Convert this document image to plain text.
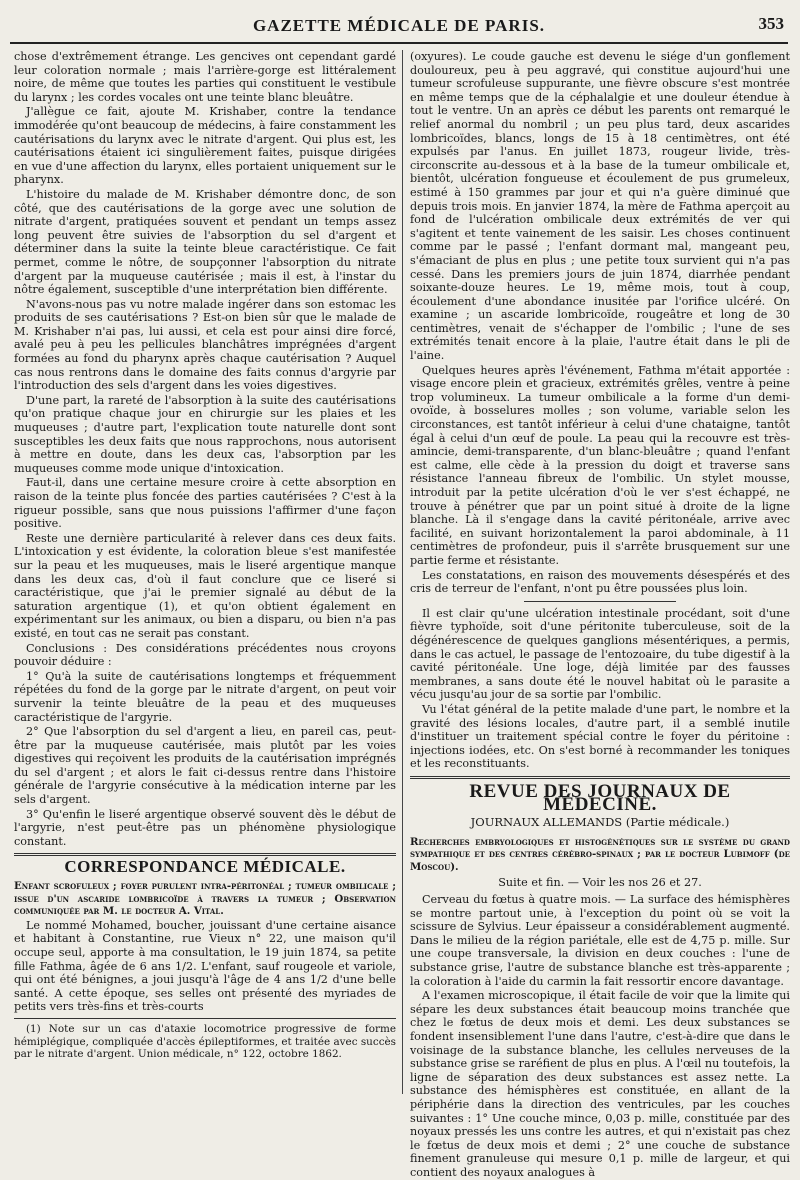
GAZETTE MÉDICALE DE PARIS.	353

chose d'extrêmement étrange. Les gencives ont cependant gardé leur coloration normale ; mais l'arrière-gorge est littéralement noire, de même que toutes les parties qui constituent le vestibule du larynx ; les cordes vocales ont une teinte blanc bleuâtre.

J'allègue ce fait, ajoute M. Krishaber, contre la tendance immodérée qu'ont beaucoup de médecins, à faire constamment les cautérisations du larynx avec le nitrate d'argent. Qui plus est, les cautérisations étaient ici singulièrement faites, puisque dirigées en vue d'une affection du larynx, elles portaient uniquement sur le pharynx.

L'histoire du malade de M. Krishaber démontre donc, de son côté, que des cautérisations de la gorge avec une solution de nitrate d'argent, pratiquées souvent et pendant un temps assez long peuvent être suivies de l'absorption du sel d'argent et déterminer dans la suite la teinte bleue caractéristique. Ce fait permet, comme le nôtre, de soupçonner l'absorption du nitrate d'argent par la muqueuse cautérisée ; mais il est, à l'instar du nôtre également, susceptible d'une interprétation bien différente.

N'avons-nous pas vu notre malade ingérer dans son estomac les produits de ses cautérisations ? Est-on bien sûr que le malade de M. Krishaber n'ai pas, lui aussi, et cela est pour ainsi dire forcé, avalé peu à peu les pellicules blanchâtres imprégnées d'argent formées au fond du pharynx après chaque cautérisation ? Auquel cas nous rentrons dans le domaine des faits connus d'argyrie par l'introduction des sels d'argent dans les voies digestives.

D'une part, la rareté de l'absorption à la suite des cautérisations qu'on pratique chaque jour en chirurgie sur les plaies et les muqueuses ; d'autre part, l'explication toute naturelle dont sont susceptibles les deux faits que nous rapprochons, nous autorisent à mettre en doute, dans les deux cas, l'absorption par les muqueuses comme mode unique d'intoxication.

Faut-il, dans une certaine mesure croire à cette absorption en raison de la teinte plus foncée des parties cautérisées ? C'est à la rigueur possible, sans que nous puissions l'affirmer d'une façon positive.

Reste une dernière particularité à relever dans ces deux faits. L'intoxication y est évidente, la coloration bleue s'est manifestée sur la peau et les muqueuses, mais le liseré argentique manque dans les deux cas, d'où il faut conclure que ce liseré si caractéristique, que j'ai le premier signalé au début de la saturation argentique (1), et qu'on obtient également en expérimentant sur les animaux, ou bien a disparu, ou bien n'a pas existé, en tout cas ne serait pas constant.

Conclusions : Des considérations précédentes nous croyons pouvoir déduire :

1° Qu'à la suite de cautérisations longtemps et fréquemment répétées du fond de la gorge par le nitrate d'argent, on peut voir survenir la teinte bleuâtre de la peau et des muqueuses caractéristique de l'argyrie.

2° Que l'absorption du sel d'argent a lieu, en pareil cas, peut-être par la muqueuse cautérisée, mais plutôt par les voies digestives qui reçoivent les produits de la cautérisation imprégnés du sel d'argent ; et alors le fait ci-dessus rentre dans l'histoire générale de l'argyrie consécutive à la médication interne par les sels d'argent.

3° Qu'enfin le liseré argentique observé souvent dès le début de l'argyrie, n'est peut-être pas un phénomène physiologique constant.

CORRESPONDANCE MÉDICALE.

Enfant scrofuleux ; foyer purulent intra-péritonéal ; tumeur ombilicale ; issue d'un ascaride lombricoïde à travers la tumeur ; Observation communiquée par M. le docteur A. Vital.

Le nommé Mohamed, boucher, jouissant d'une certaine aisance et habitant à Constantine, rue Vieux n° 22, une maison qu'il occupe seul, apporte à ma consultation, le 19 juin 1874, sa petite fille Fathma, âgée de 6 ans 1/2. L'enfant, sauf rougeole et variole, qui ont été bénignes, a joui jusqu'à l'âge de 4 ans 1/2 d'une belle santé. A cette époque, ses selles ont présenté des myriades de petits vers très-fins et très-courts

(1) Note sur un cas d'ataxie locomotrice progressive de forme hémiplégique, compliquée d'accès épileptiformes, et traitée avec succès par le nitrate d'argent. Union médicale, n° 122, octobre 1862.

(oxyures). Le coude gauche est devenu le siége d'un gonflement douloureux, peu à peu aggravé, qui constitue aujourd'hui une tumeur scrofuleuse suppurante, une fièvre obscure s'est montrée en même temps que de la céphalalgie et une douleur étendue à tout le ventre. Un an après ce début les parents ont remarqué le relief anormal du nombril ; un peu plus tard, deux ascarides lombricoïdes, blancs, longs de 15 à 18 centimètres, ont été expulsés par l'anus. En juillet 1873, rougeur livide, très-circonscrite au-dessous et à la base de la tumeur ombilicale et, bientôt, ulcération fongueuse et écoulement de pus grumeleux, estimé à 150 grammes par jour et qui n'a guère diminué que depuis trois mois. En janvier 1874, la mère de Fathma aperçoit au fond de l'ulcération ombilicale deux extrémités de ver qui s'agitent et tente vainement de les saisir. Les choses continuent comme par le passé ; l'enfant dormant mal, mangeant peu, s'émaciant de plus en plus ; une petite toux survient qui n'a pas cessé. Dans les premiers jours de juin 1874, diarrhée pendant soixante-douze heures. Le 19, même mois, tout à coup, écoulement d'une abondance inusitée par l'orifice ulcéré. On examine ; un ascaride lombricoïde, rougeâtre et long de 30 centimètres, venait de s'échapper de l'ombilic ; l'une de ses extrémités tenait encore à la plaie, l'autre était dans le pli de l'aine.

Quelques heures après l'événement, Fathma m'était apportée : visage encore plein et gracieux, extrémités grêles, ventre à peine trop volumineux. La tumeur ombilicale a la forme d'un demi-ovoïde, à bosselures molles ; son volume, variable selon les circonstances, est tantôt inférieur à celui d'une chataigne, tantôt égal à celui d'un œuf de poule. La peau qui la recouvre est très-amincie, demi-transparente, d'un blanc-bleuâtre ; quand l'enfant est calme, elle cède à la pression du doigt et traverse sans résistance l'anneau fibreux de l'ombilic. Un stylet mousse, introduit par la petite ulcération d'où le ver s'est échappé, ne trouve à pénétrer que par un point situé à droite de la ligne blanche. Là il s'engage dans la cavité péritonéale, arrive avec facilité, en suivant horizontalement la paroi abdominale, à 11 centimètres de profondeur, puis il s'arrête brusquement sur une partie ferme et résistante.

Les constatations, en raison des mouvements désespérés et des cris de terreur de l'enfant, n'ont pu être poussées plus loin.

Il est clair qu'une ulcération intestinale procédant, soit d'une fièvre typhoïde, soit d'une péritonite tuberculeuse, soit de la dégénérescence de quelques ganglions mésentériques, a permis, dans le cas actuel, le passage de l'entozoaire, du tube digestif à la cavité péritonéale. Une loge, déjà limitée par des fausses membranes, a sans doute été le nouvel habitat où le parasite a vécu jusqu'au jour de sa sortie par l'ombilic.

Vu l'état général de la petite malade d'une part, le nombre et la gravité des lésions locales, d'autre part, il a semblé inutile d'instituer un traitement spécial contre le foyer du péritoine : injections iodées, etc. On s'est borné à recommander les toniques et les reconstituants.

REVUE DES JOURNAUX DE MÉDECINE.
JOURNAUX ALLEMANDS (Partie médicale.)

Recherches embryologiques et histogénétiques sur le système du grand sympathique et des centres cérébro-spinaux ; par le docteur Lubimoff (de Moscou).

Suite et fin. — Voir les nos 26 et 27.

Cerveau du fœtus à quatre mois. — La surface des hémisphères se montre partout unie, à l'exception du point où se voit la scissure de Sylvius. Leur épaisseur a considérablement augmenté. Dans le milieu de la région pariétale, elle est de 4,75 p. mille. Sur une coupe transversale, la division en deux couches : l'une de substance grise, l'autre de substance blanche est très-apparente ; la coloration à l'aide du carmin la fait ressortir encore davantage.

A l'examen microscopique, il était facile de voir que la limite qui sépare les deux substances était beaucoup moins tranchée que chez le fœtus de deux mois et demi. Les deux substances se fondent insensiblement l'une dans l'autre, c'est-à-dire que dans le voisinage de la substance blanche, les cellules nerveuses de la substance grise se raréfient de plus en plus. A l'œil nu toutefois, la ligne de séparation des deux substances est assez nette. La substance des hémisphères est constituée, en allant de la périphérie dans la direction des ventricules, par les couches suivantes : 1° Une couche mince, 0,03 p. mille, constituée par des noyaux pressés les uns contre les autres, et qui n'existait pas chez le fœtus de deux mois et demi ; 2° une couche de substance finement granuleuse qui mesure 0,1 p. mille de largeur, et qui contient des noyaux analogues à
